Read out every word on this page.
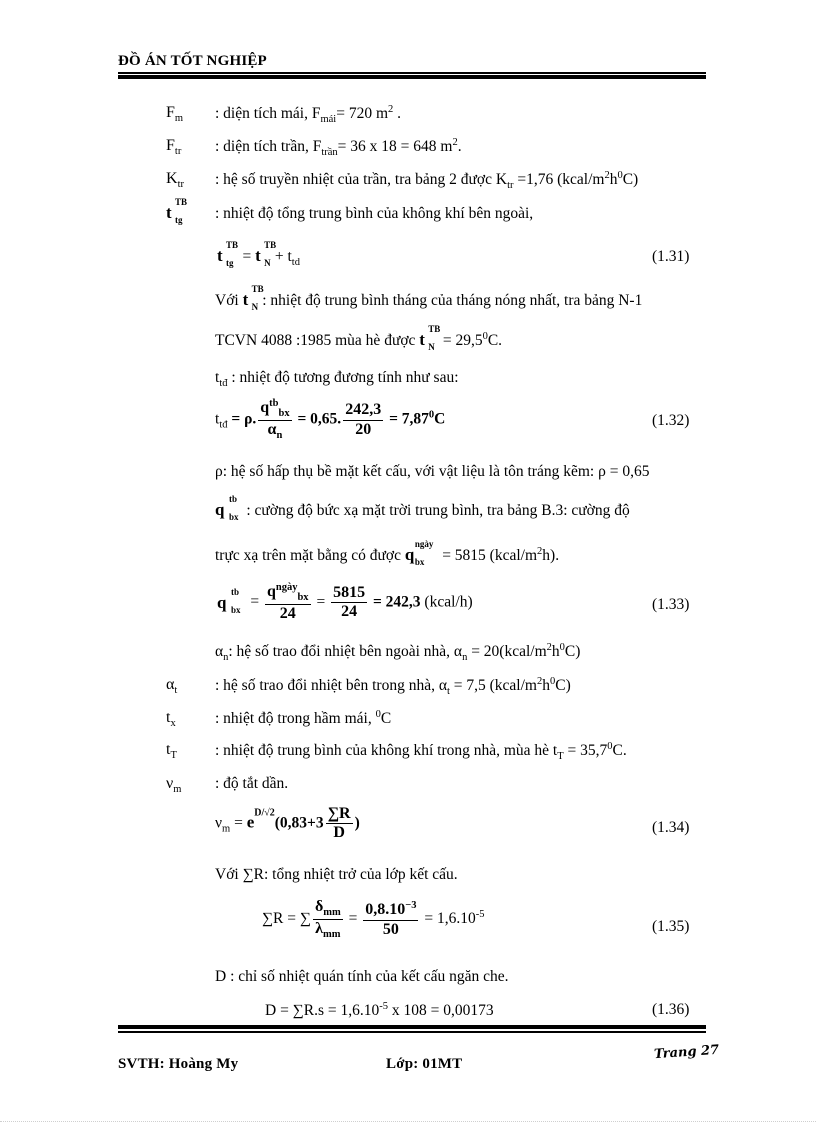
ĐỒ ÁN TỐT NGHIỆP
$F_m$ : diện tích mái, $F_{mái}= 720$ $m^2$ .
$F_{tr}$ : diện tích trần, $F_{trần}= 36$ x 18 = 648 $m^2$.
$K_{tr}$ : hệ số truyền nhiệt của trần, tra bảng 2 được $K_{tr} =1,76$ $(kcal/m^2h^0C)$
t
TB
tg : nhiệt độ tổng trung bình của không khí bên ngoài,
t
TB
tg = t
TB
$N + t_{td}$	(1.31)
Với t
TB
N : nhiệt độ trung bình tháng của tháng nóng nhất, tra bảng N-1
TCVN 4088 :1985 mùa hè được t
TB
$N = 29,5^0C$.
$t_{tđ}$ : nhiệt độ tương đương tính như sau:
$t_{tđ} = \rho$. $\frac{q^{tb}_{bx}}{\alpha_n} = 0,65$. $\frac{242,3}{20} = 7,87^0C$	(1.32)
ρ: hệ số hấp thụ bề mặt kết cấu, với vật liệu là tôn tráng kẽm: ρ = 0,65
q
tb
bx : cường độ bức xạ mặt trời trung bình, tra bảng B.3: cường độ
trực xạ trên mặt bằng có được q
ngày
bx = 5815 $(kcal/m^2h)$.
q
tb
bx = $\frac{q^{ngày}_{bx}}{24} = \frac{5815}{24} = 242,3$ (kcal/h)	(1.33)
$\alpha_n$: hệ số trao đổi nhiệt bên ngoài nhà, $\alpha_n$ = $20(kcal/m^2h^0C)$
$\alpha_t$ : hệ số trao đổi nhiệt bên trong nhà, $\alpha_t = 7,5$ $(kcal/m^2h^0C)$
$t_x$	: nhiệt độ trong hầm mái, $^0$C
$t_T$ : nhiệt độ trung bình của không khí trong nhà, mùa hè $t_T = 35,7^0C$.
$\nu_m$ : độ tắt dần.
$\nu_m = e^{D/√2}(0,83+3 \frac{\sum R}{D}$ )	(1.34)
Với ∑R: tổng nhiệt trở của lớp kết cấu.
∑R = ∑ $\frac{\delta_{mm}}{\lambda_{mm}} = \frac{0,8.10^{-3}}{50} = 1,6.10^{-5}$
(1.35)
D : chỉ số nhiệt quán tính của kết cấu ngăn che.
$D = \sum R.s = 1,6.10^{-5}$ x 108 = 0,00173	(1.36)
SVTH: Hoàng My	Lớp: 01MT
Trang 27
